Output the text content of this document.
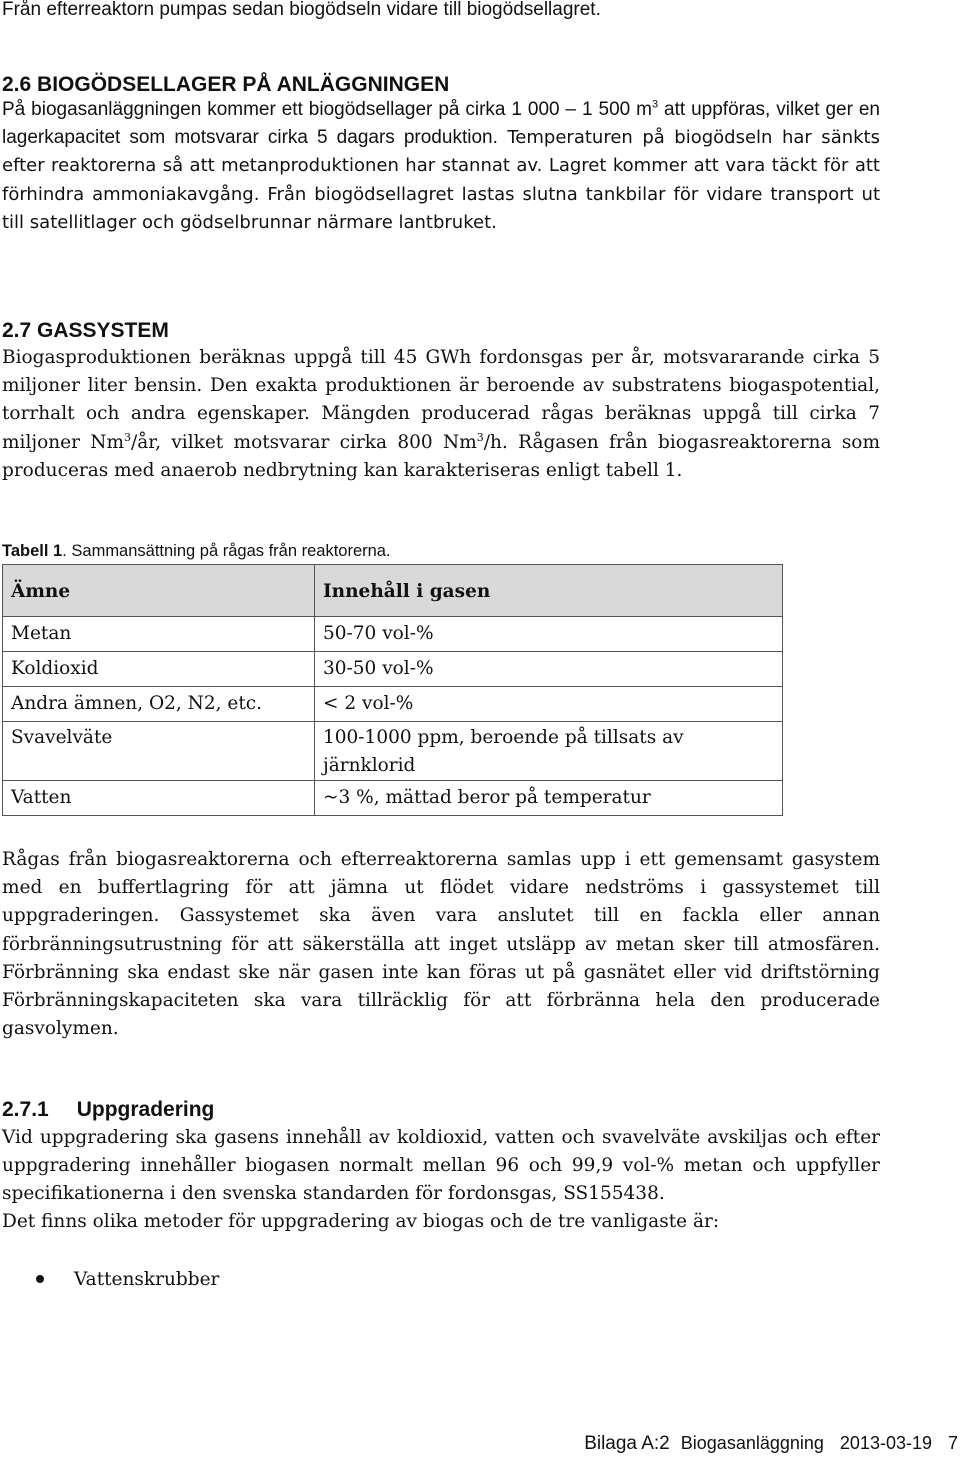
Från efterreaktorn pumpas sedan biogödseln vidare till biogödsellagret.

2.6 BIOGÖDSELLAGER PÅ ANLÄGGNINGEN

På biogasanläggningen kommer ett biogödsellager på cirka 1 000 – 1 500 $m^3$ att uppföras, vilket ger en lagerkapacitet som motsvarar cirka 5 dagars produktion. Temperaturen på biogödseln har sänkts efter reaktorerna så att metanproduktionen har stannat av. Lagret kommer att vara täckt för att förhindra ammoniakavgång. Från biogödsellagret lastas slutna tankbilar för vidare transport ut till satellitlager och gödselbrunnar närmare lantbruket.

2.7 GASSYSTEM

Biogasproduktionen beräknas uppgå till 45 GWh fordonsgas per år, motsvararande cirka 5 miljoner liter bensin. Den exakta produktionen är beroende av substratens biogaspotential, torrhalt och andra egenskaper. Mängden producerad rågas beräknas uppgå till cirka 7 miljoner Nm$^3$/år, vilket motsvarar cirka 800 Nm$^3$/h. Rågasen från biogasreaktorerna som produceras med anaerob nedbrytning kan karakteriseras enligt tabell 1.

Tabell 1. Sammansättning på rågas från reaktorerna.
Ämne	Innehåll i gasen
Metan	50-70 vol-%
Koldioxid	30-50 vol-%
Andra ämnen, O2, N2, etc.	< 2 vol-%
Svavelväte	100-1000 ppm, beroende på tillsats av järnklorid
Vatten	~3 %, mättad beror på temperatur

Rågas från biogasreaktorerna och efterreaktorerna samlas upp i ett gemensamt gasystem med en buffertlagring för att jämna ut flödet vidare nedströms i gassystemet till uppgraderingen. Gassystemet ska även vara anslutet till en fackla eller annan förbränningsutrustning för att säkerställa att inget utsläpp av metan sker till atmosfären. Förbränning ska endast ske när gasen inte kan föras ut på gasnätet eller vid driftstörning Förbränningskapaciteten ska vara tillräcklig för att förbränna hela den producerade gasvolymen.

2.7.1 Uppgradering

Vid uppgradering ska gasens innehåll av koldioxid, vatten och svavelväte avskiljas och efter uppgradering innehåller biogasen normalt mellan 96 och 99,9 vol-% metan och uppfyller specifikationerna i den svenska standarden för fordonsgas, SS155438.

Det finns olika metoder för uppgradering av biogas och de tre vanligaste är:

Vattenskrubber
Bilaga A:2 Biogasanläggning 2013-03-19 7
